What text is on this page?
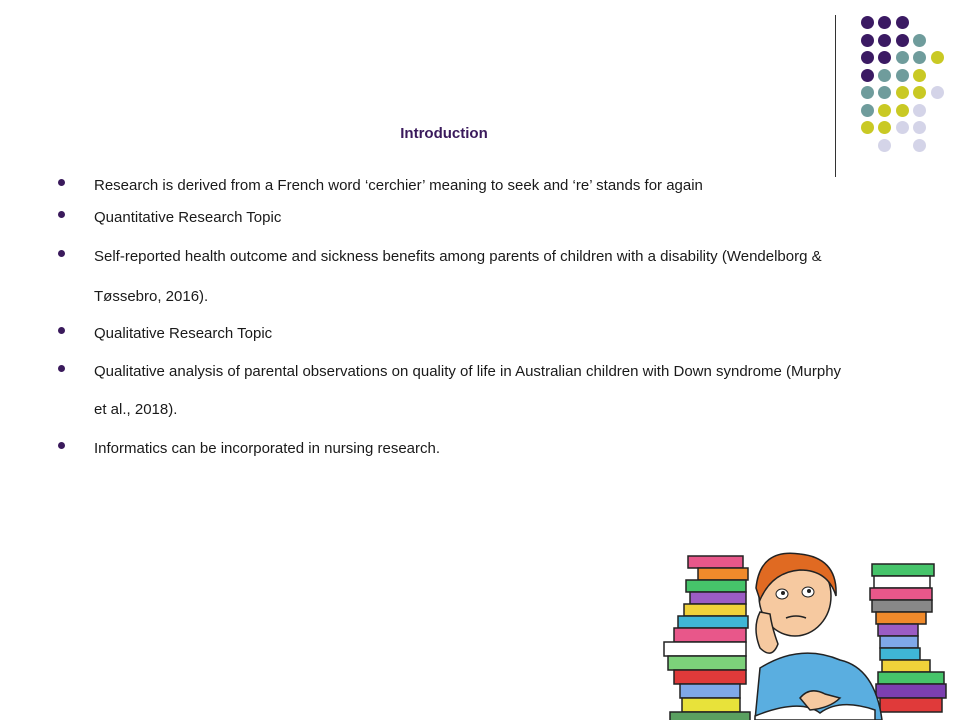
Introduction
Research is derived from a French word ‘cerchier’ meaning to seek and ‘re’ stands for again
Quantitative Research Topic
Self-reported health outcome and sickness benefits among parents of children with a disability (Wendelborg &
Tøssebro, 2016).
Qualitative Research Topic
Qualitative analysis of parental observations on quality of life in Australian children with Down syndrome (Murphy
et al., 2018).
Informatics can be incorporated in nursing research.
